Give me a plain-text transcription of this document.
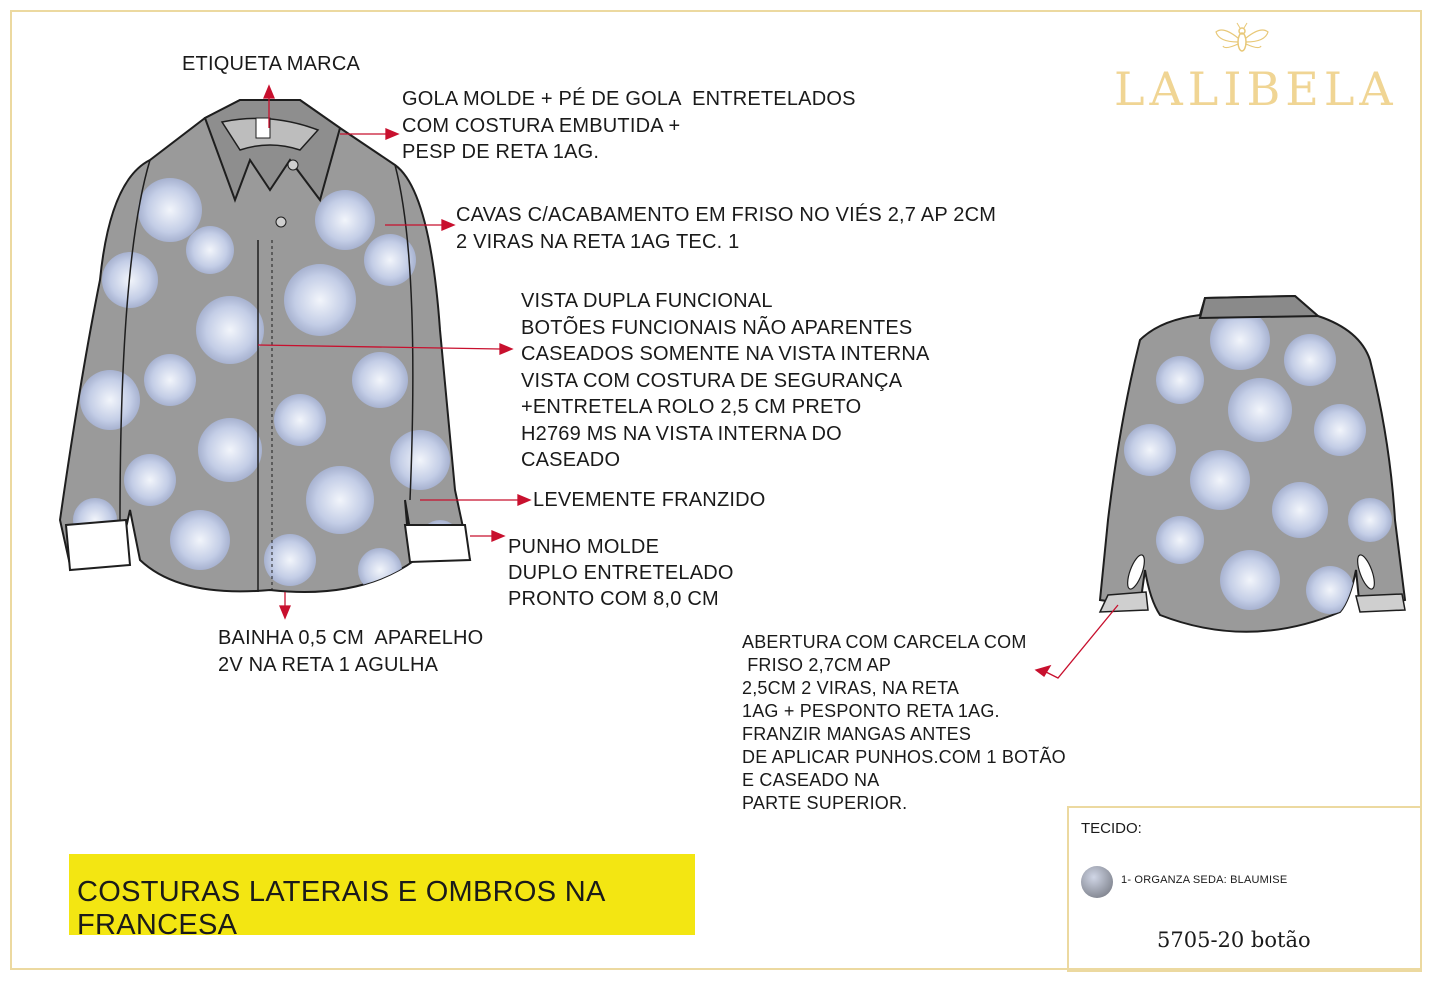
LALIBELA
ETIQUETA MARCA
GOLA MOLDE + PÉ DE GOLA  ENTRETELADOS
COM COSTURA EMBUTIDA +
PESP DE RETA 1AG.
CAVAS C/ACABAMENTO EM FRISO NO VIÉS 2,7 AP 2CM
2 VIRAS NA RETA 1AG TEC. 1
VISTA DUPLA FUNCIONAL
BOTÕES FUNCIONAIS NÃO APARENTES
CASEADOS SOMENTE NA VISTA INTERNA
VISTA COM COSTURA DE SEGURANÇA
+ENTRETELA ROLO 2,5 CM PRETO
H2769 MS NA VISTA INTERNA DO
CASEADO
LEVEMENTE FRANZIDO
PUNHO MOLDE
DUPLO ENTRETELADO
PRONTO COM 8,0 CM
BAINHA 0,5 CM  APARELHO
2V NA RETA 1 AGULHA
ABERTURA COM CARCELA COM
FRISO 2,7CM AP
2,5CM 2 VIRAS, NA RETA
1AG + PESPONTO RETA 1AG.
FRANZIR MANGAS ANTES
DE APLICAR PUNHOS.COM 1 BOTÃO
E CASEADO NA
PARTE SUPERIOR.
COSTURAS LATERAIS E OMBROS NA FRANCESA
TECIDO:
1- ORGANZA SEDA: BLAUMISE
5705-20 botão
